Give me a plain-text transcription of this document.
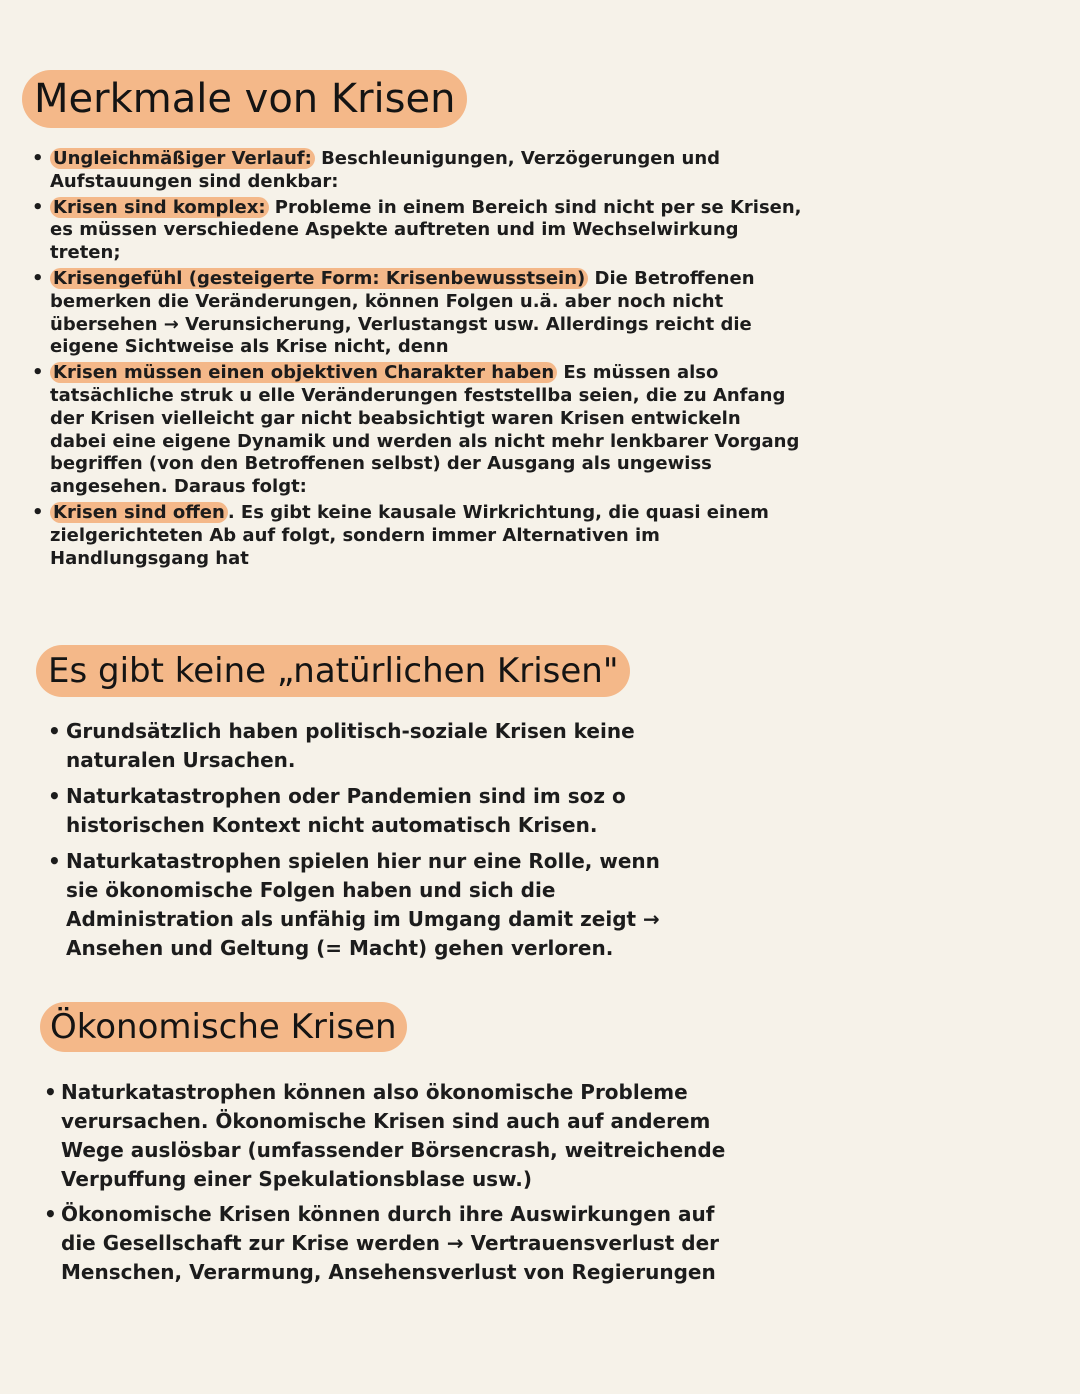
Merkmale von Krisen
• Ungleichmäßiger Verlauf: Beschleunigungen, Verzögerungen und Aufstauungen sind denkbar:
• Krisen sind komplex: Probleme in einem Bereich sind nicht per se Krisen, es müssen verschiedene Aspekte auftreten und im Wechselwirkung treten;
• Krisengefühl (gesteigerte Form: Krisenbewusstsein) Die Betroffenen bemerken die Veränderungen, können Folgen u.ä. aber noch nicht übersehen → Verunsicherung, Verlustangst usw. Allerdings reicht die eigene Sichtweise als Krise nicht, denn
• Krisen müssen einen objektiven Charakter haben Es müssen also tatsächliche struk u elle Veränderungen feststellba seien, die zu Anfang der Krisen vielleicht gar nicht beabsichtigt waren Krisen entwickeln dabei eine eigene Dynamik und werden als nicht mehr lenkbarer Vorgang begriffen (von den Betroffenen selbst) der Ausgang als ungewiss angesehen. Daraus folgt:
• Krisen sind offen . Es gibt keine kausale Wirkrichtung, die quasi einem zielgerichteten Ab auf folgt, sondern immer Alternativen im Handlungsgang hat
Es gibt keine „natürlichen Krisen"
• Grundsätzlich haben politisch-soziale Krisen keine naturalen Ursachen.
• Naturkatastrophen oder Pandemien sind im soz o historischen Kontext nicht automatisch Krisen.
• Naturkatastrophen spielen hier nur eine Rolle, wenn sie ökonomische Folgen haben und sich die Administration als unfähig im Umgang damit zeigt → Ansehen und Geltung (= Macht) gehen verloren.
Ökonomische Krisen
• Naturkatastrophen können also ökonomische Probleme verursachen. Ökonomische Krisen sind auch auf anderem Wege auslösbar (umfassender Börsencrash, weitreichende Verpuffung einer Spekulationsblase usw.)
• Ökonomische Krisen können durch ihre Auswirkungen auf die Gesellschaft zur Krise werden → Vertrauensverlust der Menschen, Verarmung, Ansehensverlust von Regierungen
